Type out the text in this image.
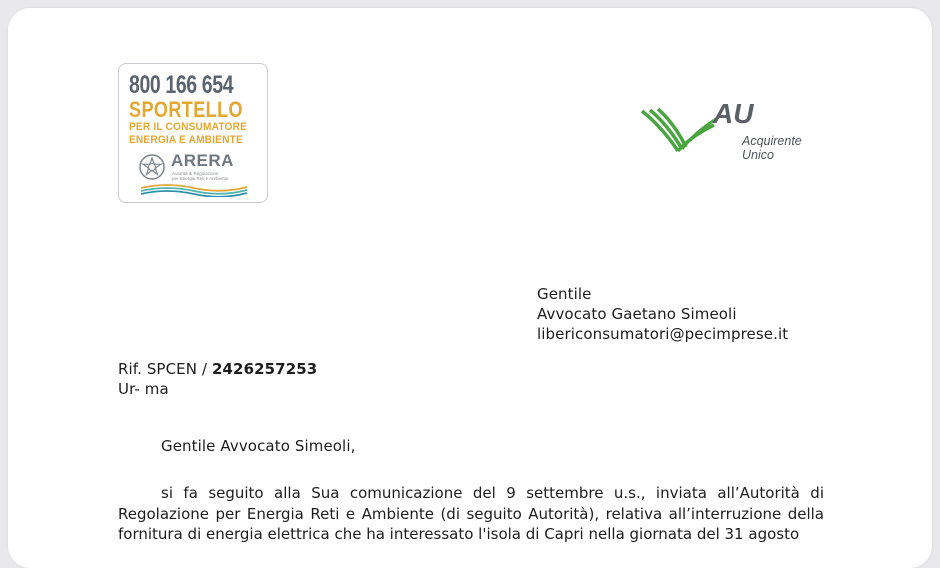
800 166 654
SPORTELLO
PER IL CONSUMATORE
ENERGIA E AMBIENTE
ARERA
Autorità di Regolazione
per Energia Reti e Ambiente
AU
Acquirente
Unico
Gentile
Avvocato Gaetano Simeoli
libericonsumatori@pecimprese.it
Rif. SPCEN / 2426257253
Ur- ma
Gentile Avvocato Simeoli,
si fa seguito alla Sua comunicazione del 9 settembre u.s., inviata all’Autorità di Regolazione per Energia Reti e Ambiente (di seguito Autorità), relativa all’interruzione della fornitura di energia elettrica che ha interessato l'isola di Capri nella giornata del 31 agosto
